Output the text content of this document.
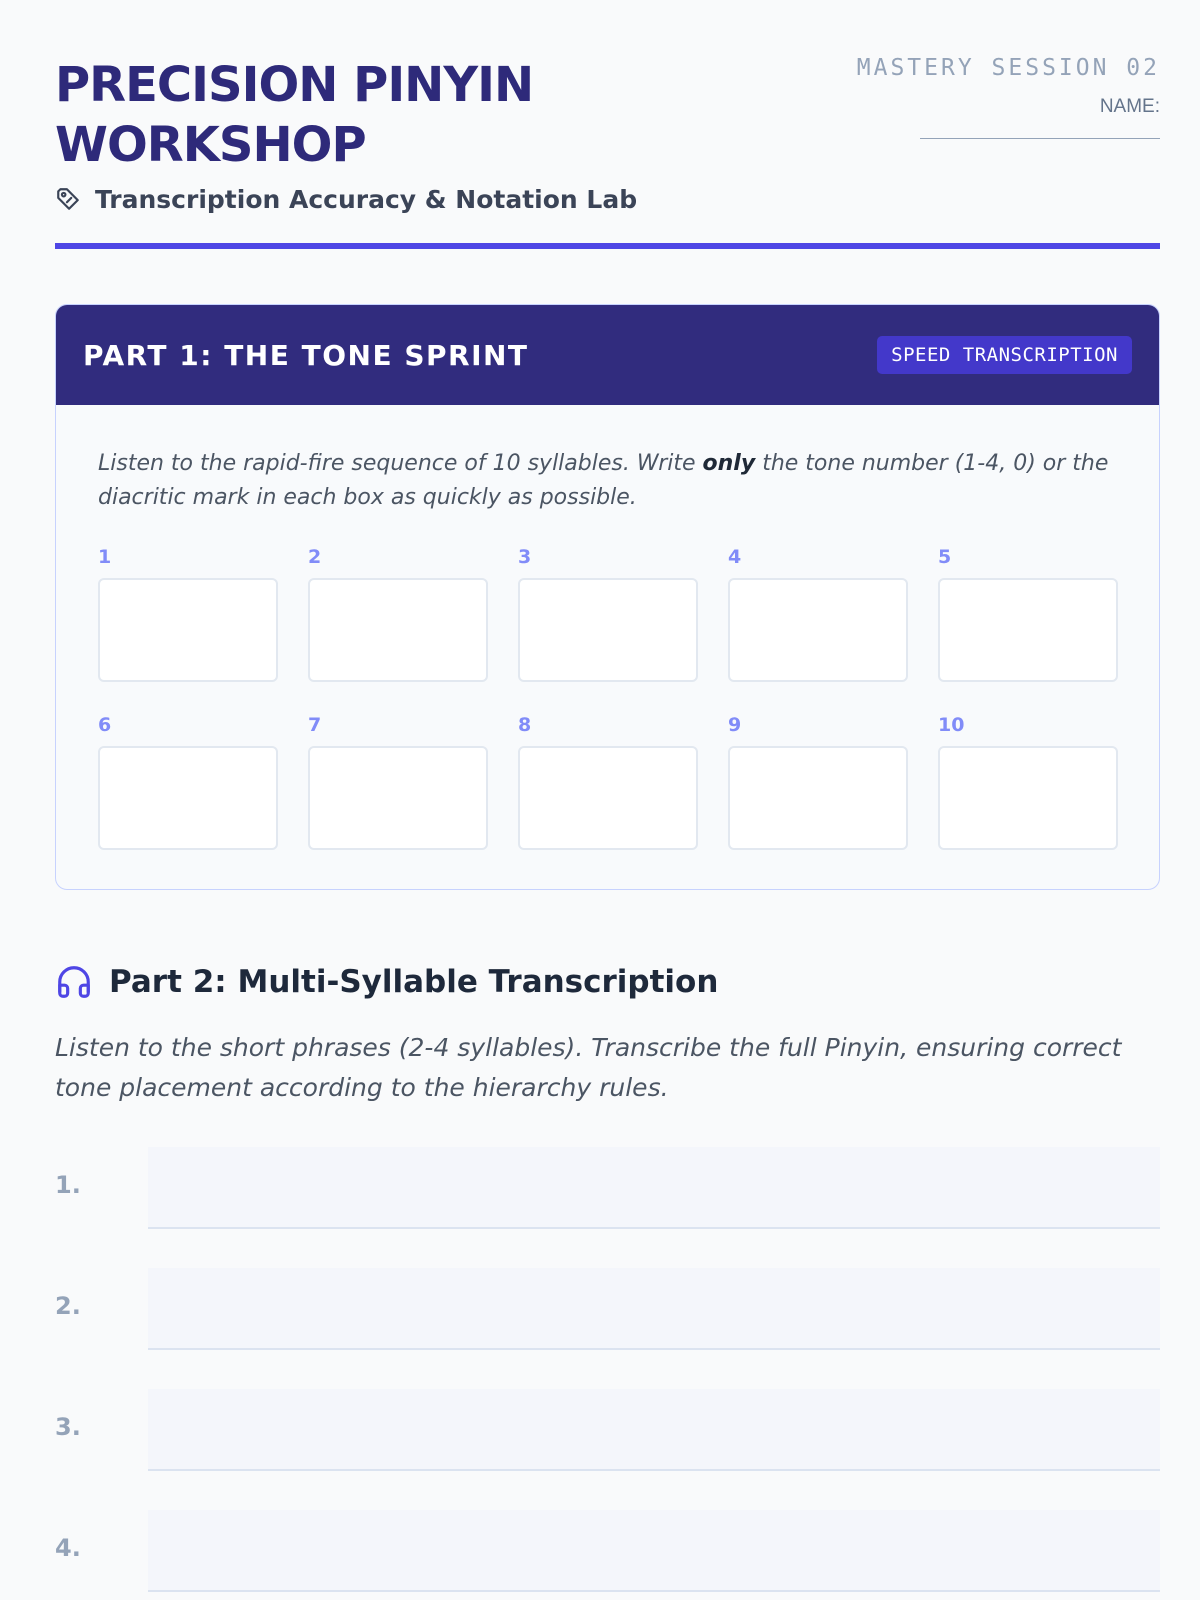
PRECISION PINYIN
WORKSHOP
Transcription Accuracy & Notation Lab
MASTERY SESSION 02
NAME:
PART 1: THE TONE SPRINT	SPEED TRANSCRIPTION

Listen to the rapid-fire sequence of 10 syllables. Write only the tone number (1-4, 0) or the diacritic mark in each box as quickly as possible.

1	2	3	4	5
6	7	8	9	10
Part 2: Multi-Syllable Transcription

Listen to the short phrases (2-4 syllables). Transcribe the full Pinyin, ensuring correct tone placement according to the hierarchy rules.

1.
2.
3.
4.
